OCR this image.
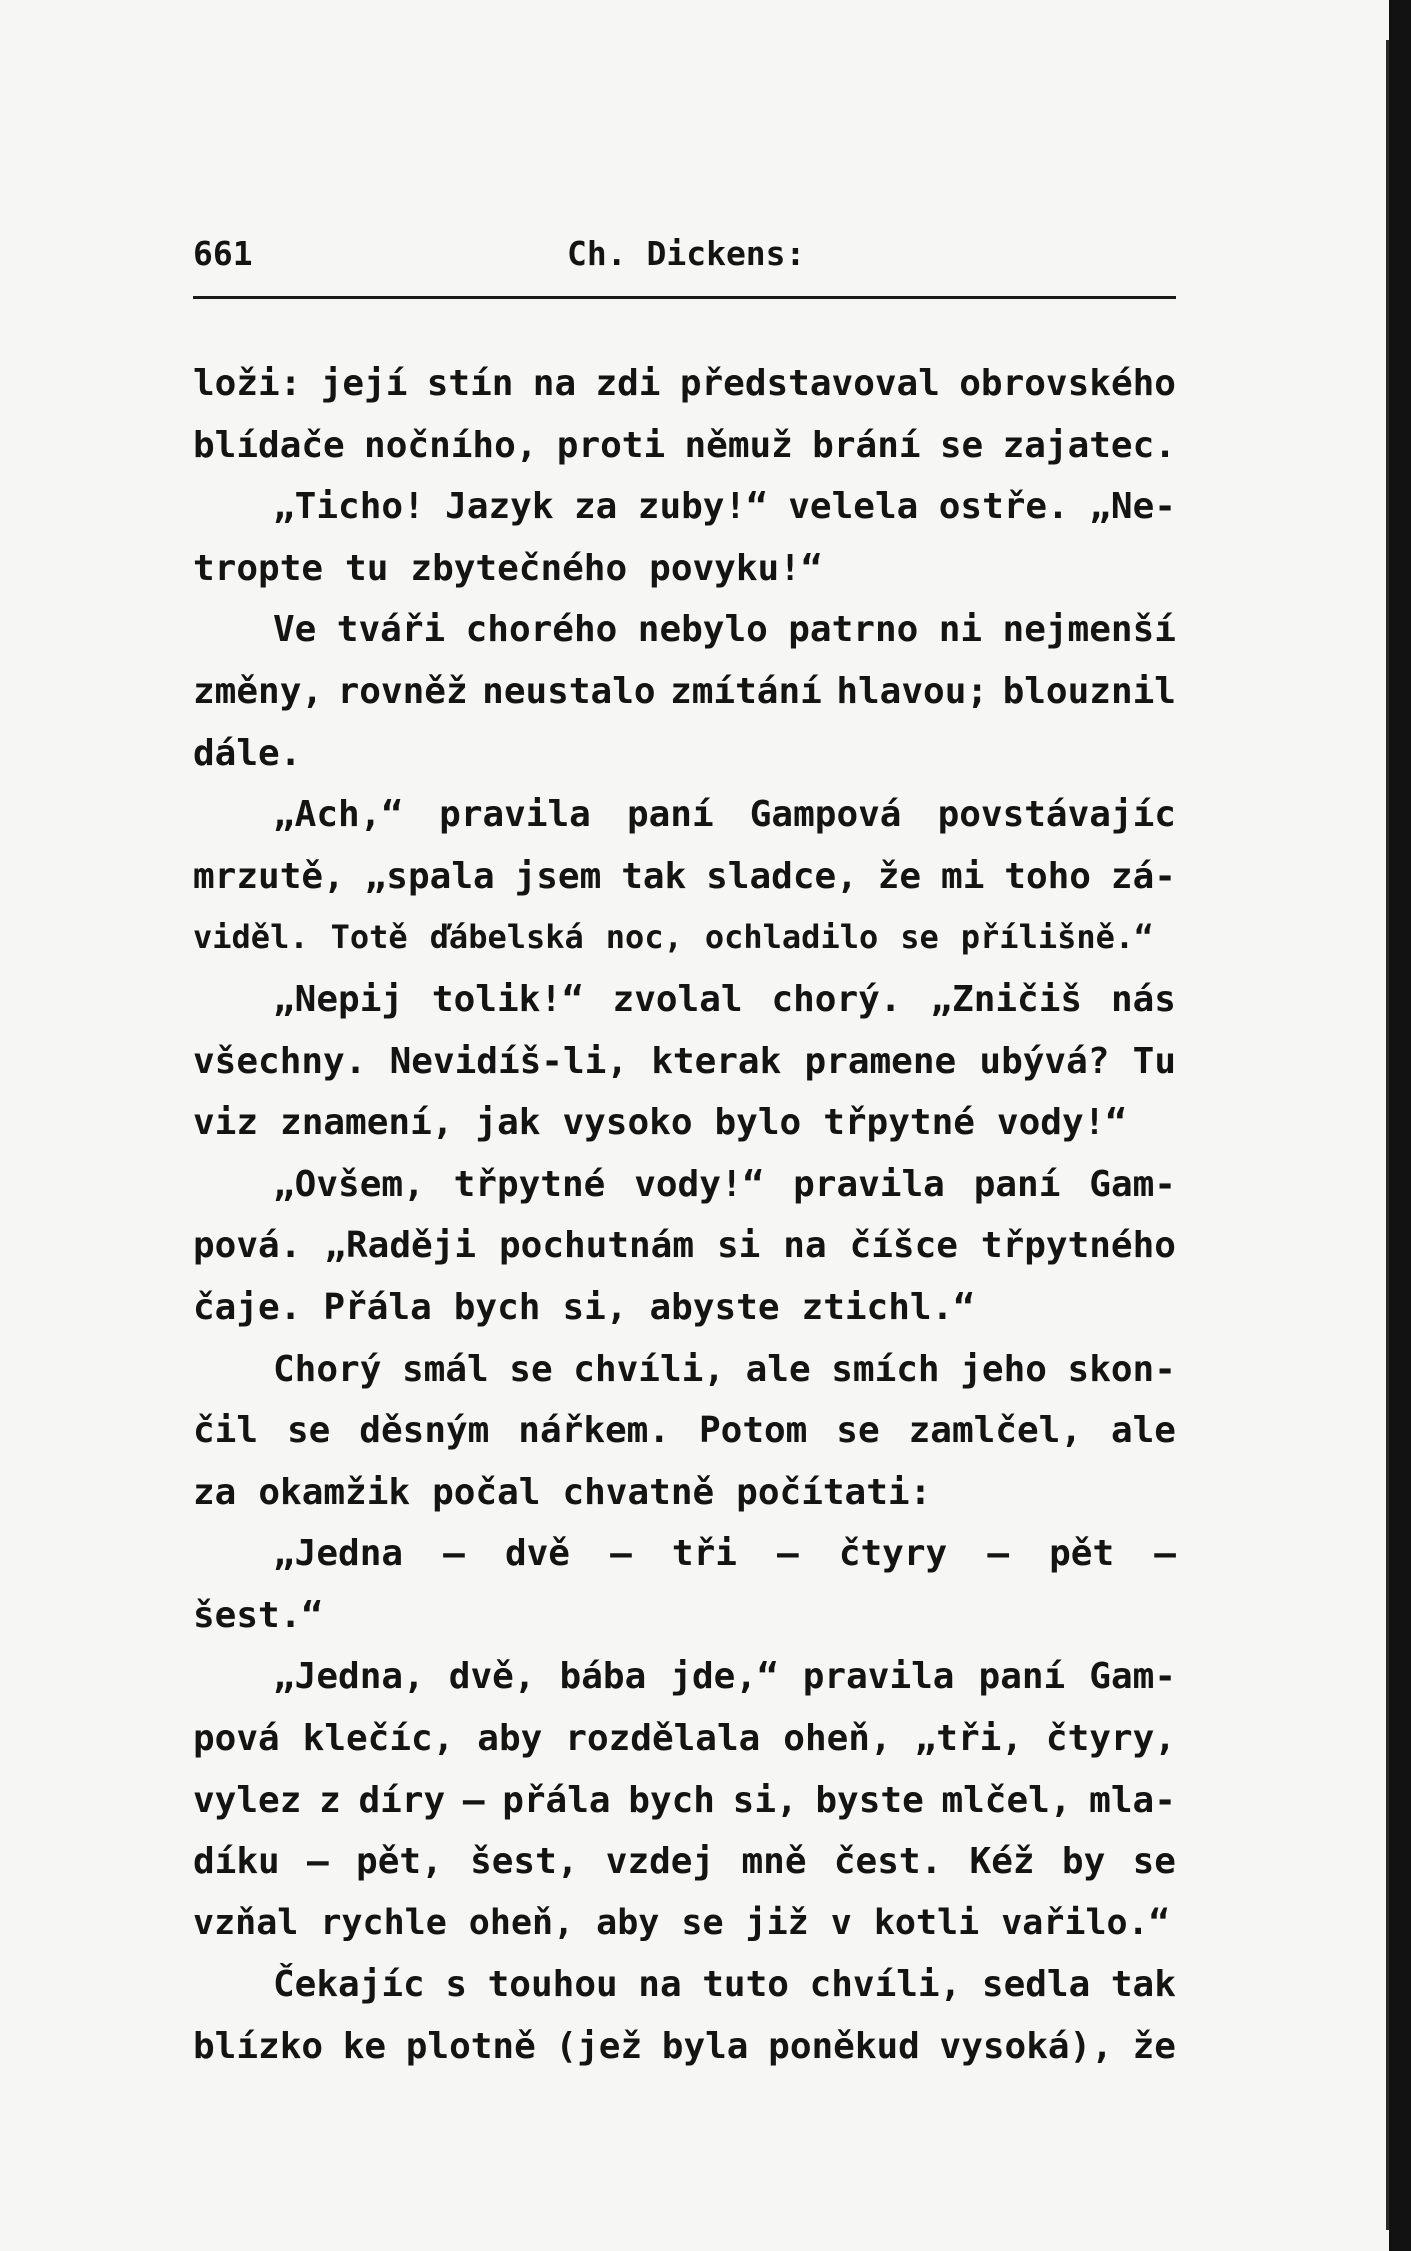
661	Ch. Dickens:
loži: její stín na zdi představoval obrovského
blídače nočního, proti němuž brání se zajatec.
„Ticho! Jazyk za zuby!“ velela ostře. „Ne-
tropte tu zbytečného povyku!“
Ve tváři chorého nebylo patrno ni nejmenší
změny, rovněž neustalo zmítání hlavou; blouznil
dále.
„Ach,“ pravila paní Gampová povstávajíc
mrzutě, „spala jsem tak sladce, že mi toho zá-
viděl. Totě ďábelská noc, ochladilo se přílišně.“
„Nepij tolik!“ zvolal chorý. „Zničiš nás
všechny. Nevidíš-li, kterak pramene ubývá? Tu
viz znamení, jak vysoko bylo třpytné vody!“
„Ovšem, třpytné vody!“ pravila paní Gam-
pová. „Raději pochutnám si na číšce třpytného
čaje. Přála bych si, abyste ztichl.“
Chorý smál se chvíli, ale smích jeho skon-
čil se děsným nářkem. Potom se zamlčel, ale
za okamžik počal chvatně počítati:
„Jedna — dvě — tři — čtyry — pět —
šest.“
„Jedna, dvě, bába jde,“ pravila paní Gam-
pová klečíc, aby rozdělala oheň, „tři, čtyry,
vylez z díry — přála bych si, byste mlčel, mla-
díku — pět, šest, vzdej mně čest. Kéž by se
vzňal rychle oheň, aby se již v kotli vařilo.“
Čekajíc s touhou na tuto chvíli, sedla tak
blízko ke plotně (jež byla poněkud vysoká), že
